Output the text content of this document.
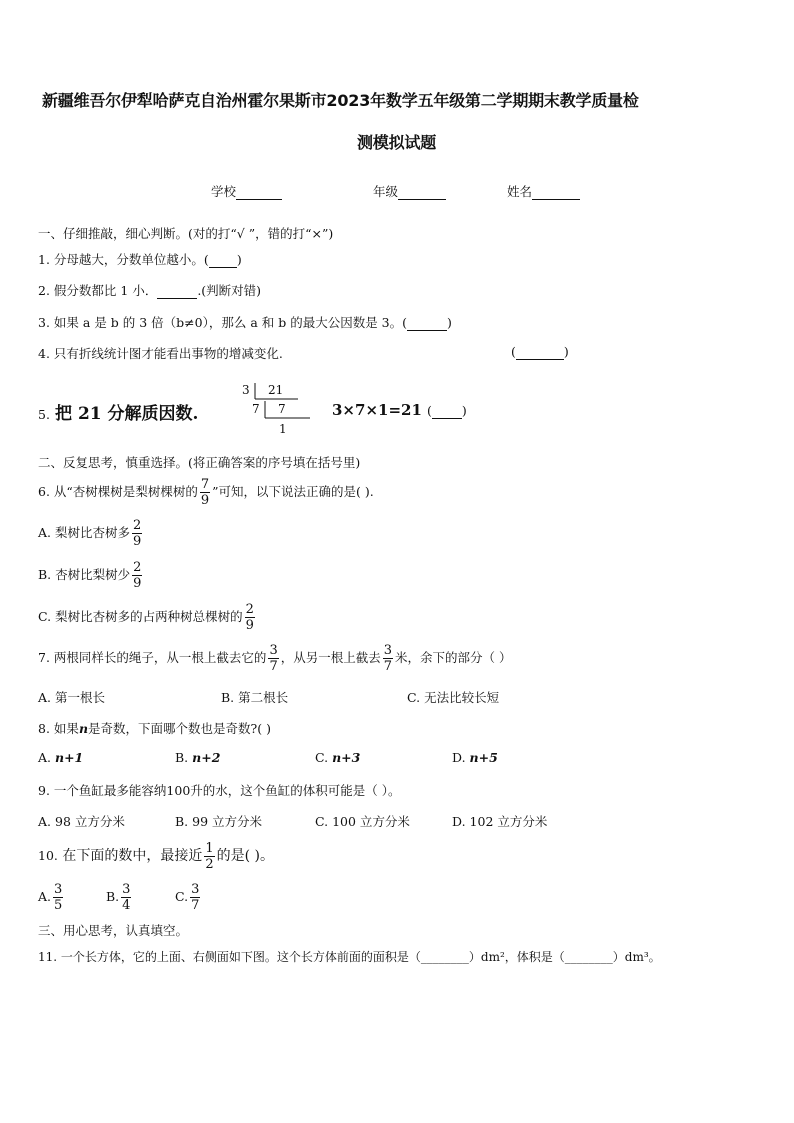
新疆维吾尔伊犁哈萨克自治州霍尔果斯市2023年数学五年级第二学期期末教学质量检
测模拟试题
学校	年级	姓名
一、仔细推敲，细心判断。(对的打“√ ”，错的打“×”)
1. 分母越大，分数单位越小。( )
2. 假分数都比 1 小．	.(判断对错)
3. 如果 a 是 b 的 3 倍（b≠0），那么 a 和 b 的最大公因数是 3。(	)
4. 只有折线统计图才能看出事物的增减变化.	(	)
5. 把 21 分解质因数.
3 21
7 7
1
3×7×1=21 ( )
二、反复思考，慎重选择。(将正确答案的序号填在括号里)
6. 从“杏树棵树是梨树棵树的 $\frac{7}{9}$ ”可知，以下说法正确的是( ).
A. 梨树比杏树多 $\frac{2}{9}$
B. 杏树比梨树少 $\frac{2}{9}$
C. 梨树比杏树多的占两种树总棵树的 $\frac{2}{9}$
7. 两根同样长的绳子，从一根上截去它的 $\frac{3}{7}$ ，从另一根上截去 $\frac{3}{7}$ 米，余下的部分（ ）
A. 第一根长	B. 第二根长	C. 无法比较长短
8. 如果n是奇数，下面哪个数也是奇数?( )
A. n+1	B. n+2	C. n+3	D. n+5
9. 一个鱼缸最多能容纳100升的水，这个鱼缸的体积可能是（ ）。
A. 98 立方分米	B. 99 立方分米	C. 100 立方分米	D. 102 立方分米
10. 在下面的数中，最接近 $\frac{1}{2}$ 的是( )。
A. $\frac{3}{5}$	B. $\frac{3}{4}$	C. $\frac{3}{7}$
三、用心思考，认真填空。
11. 一个长方体，它的上面、右侧面如下图。这个长方体前面的面积是（________）dm²，体积是（________）dm³。
